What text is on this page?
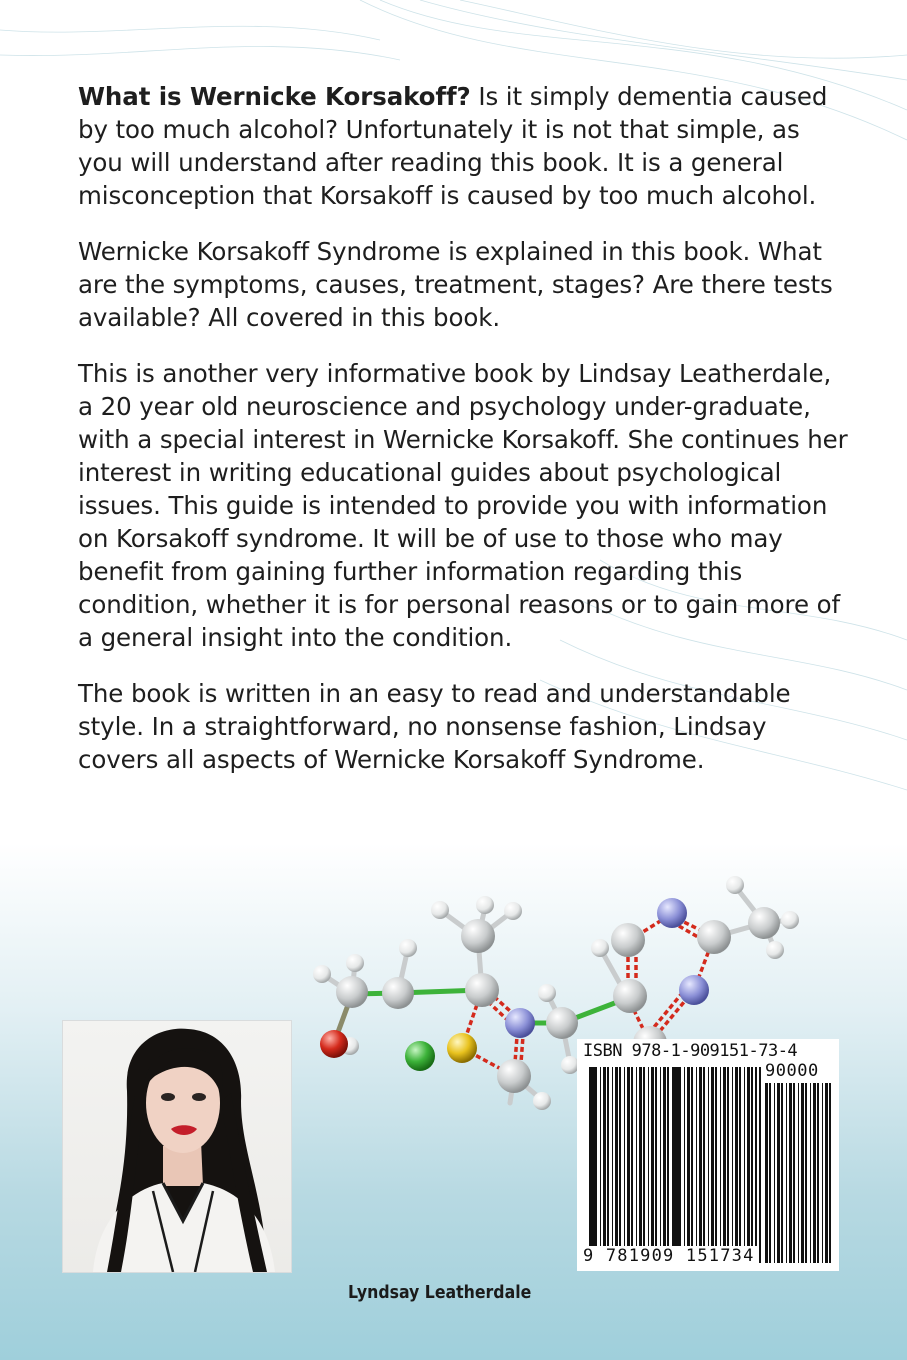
What is Wernicke Korsakoff? Is it simply dementia caused by too much alcohol? Unfortunately it is not that simple, as you will understand after reading this book. It is a general misconception that Korsakoff is caused by too much alcohol.

Wernicke Korsakoff Syndrome is explained in this book. What are the symptoms, causes, treatment, stages? Are there tests available? All covered in this book.

This is another very informative book by Lindsay Leatherdale, a 20 year old neuroscience and psychology under-graduate, with a special interest in Wernicke Korsakoff. She continues her interest in writing educational guides about psychological issues. This guide is intended to provide you with information on Korsakoff syndrome. It will be of use to those who may benefit from gaining further information regarding this condition, whether it is for personal reasons or to gain more of a general insight into the condition.

The book is written in an easy to read and understandable style. In a straightforward, no nonsense fashion, Lindsay covers all aspects of Wernicke Korsakoff Syndrome.

Lyndsay Leatherdale
ISBN 978-1-909151-73-4
90000
9 781909 151734
